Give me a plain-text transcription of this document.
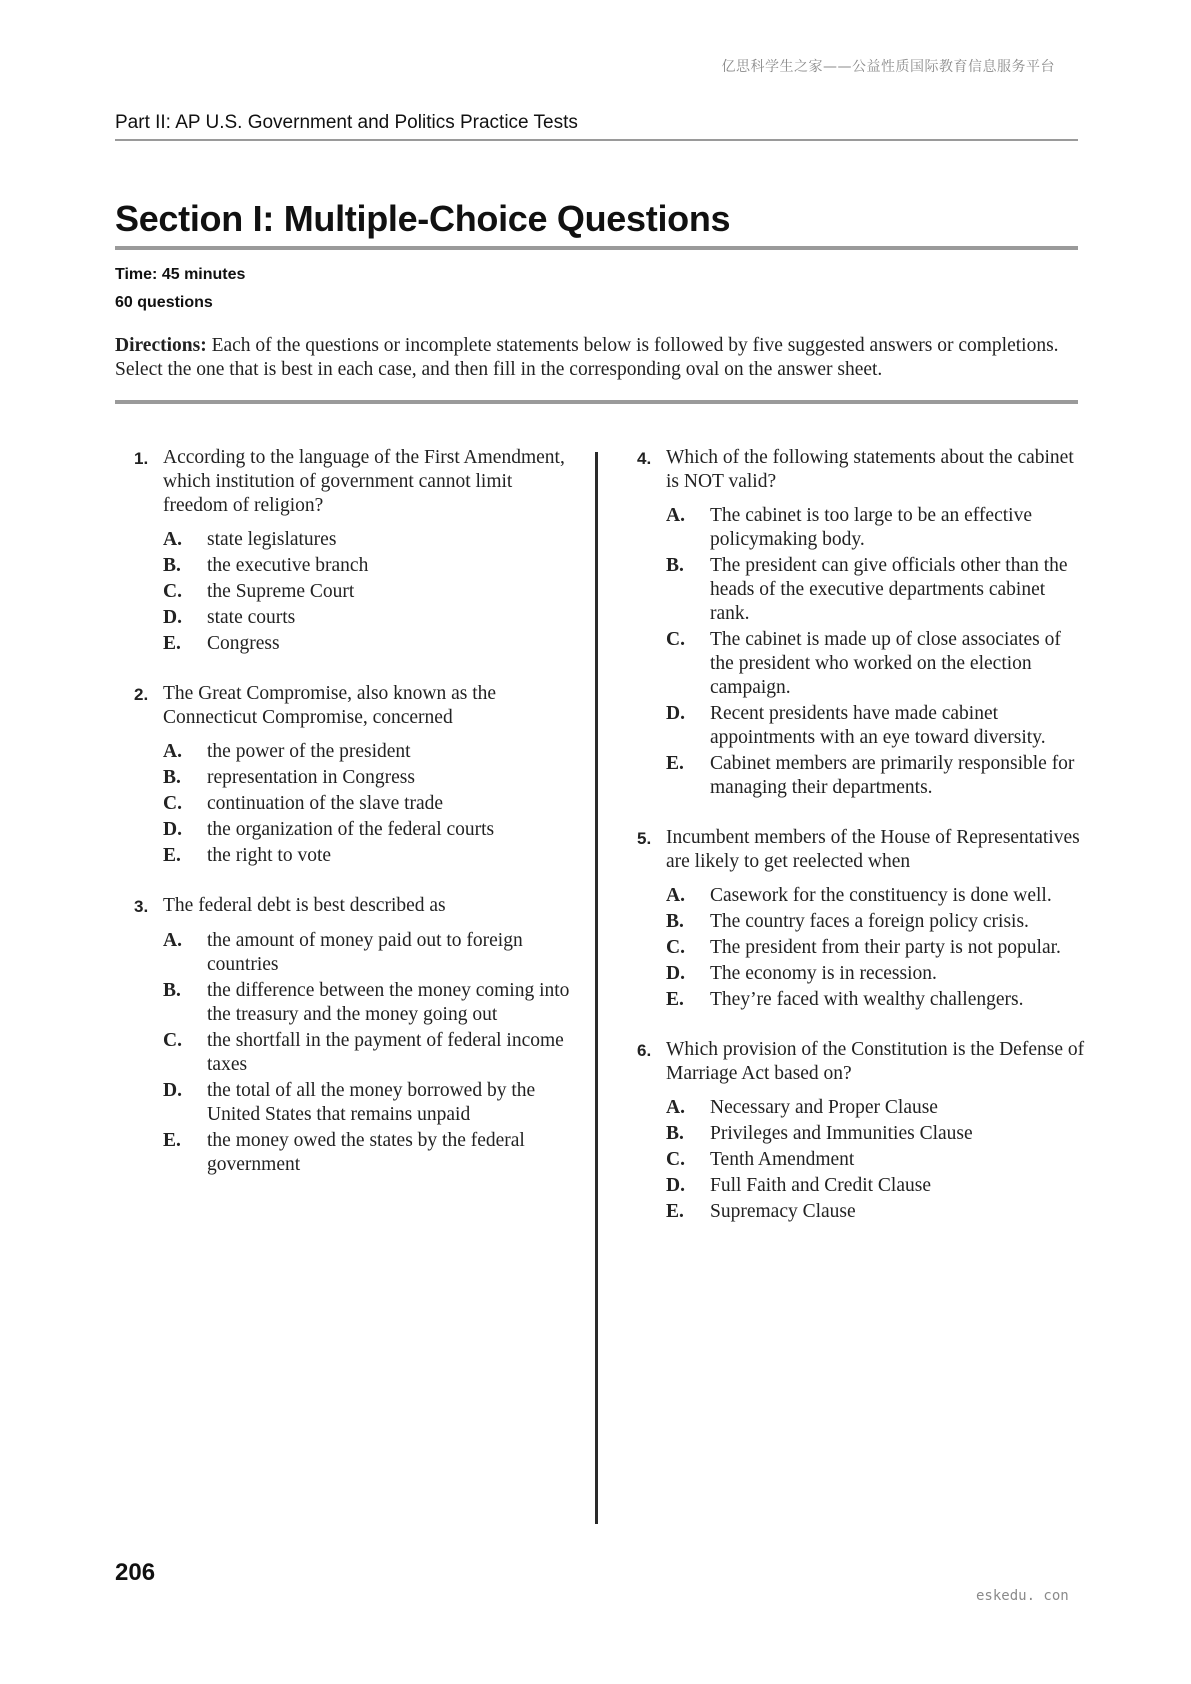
亿思科学生之家——公益性质国际教育信息服务平台
Part II: AP U.S. Government and Politics Practice Tests
Section I: Multiple-Choice Questions
Time: 45 minutes
60 questions
Directions: Each of the questions or incomplete statements below is followed by five suggested answers or completions. Select the one that is best in each case, and then fill in the corresponding oval on the answer sheet.
1. According to the language of the First Amendment, which institution of government cannot limit freedom of religion?
A.	state legislatures
B.	the executive branch
C.	the Supreme Court
D.	state courts
E.	Congress
2. The Great Compromise, also known as the Connecticut Compromise, concerned
A.	the power of the president
B.	representation in Congress
C.	continuation of the slave trade
D.	the organization of the federal courts
E.	the right to vote
3. The federal debt is best described as
A.	the amount of money paid out to foreign countries
B.	the difference between the money coming into the treasury and the money going out
C.	the shortfall in the payment of federal income taxes
D.	the total of all the money borrowed by the United States that remains unpaid
E.	the money owed the states by the federal government
4. Which of the following statements about the cabinet is NOT valid?
A.	The cabinet is too large to be an effective policymaking body.
B.	The president can give officials other than the heads of the executive departments cabinet rank.
C.	The cabinet is made up of close associates of the president who worked on the election campaign.
D.	Recent presidents have made cabinet appointments with an eye toward diversity.
E.	Cabinet members are primarily responsible for managing their departments.
5. Incumbent members of the House of Representatives are likely to get reelected when
A.	Casework for the constituency is done well.
B.	The country faces a foreign policy crisis.
C.	The president from their party is not popular.
D.	The economy is in recession.
E.	They’re faced with wealthy challengers.
6. Which provision of the Constitution is the Defense of Marriage Act based on?
A.	Necessary and Proper Clause
B.	Privileges and Immunities Clause
C.	Tenth Amendment
D.	Full Faith and Credit Clause
E.	Supremacy Clause
206
eskedu. con
